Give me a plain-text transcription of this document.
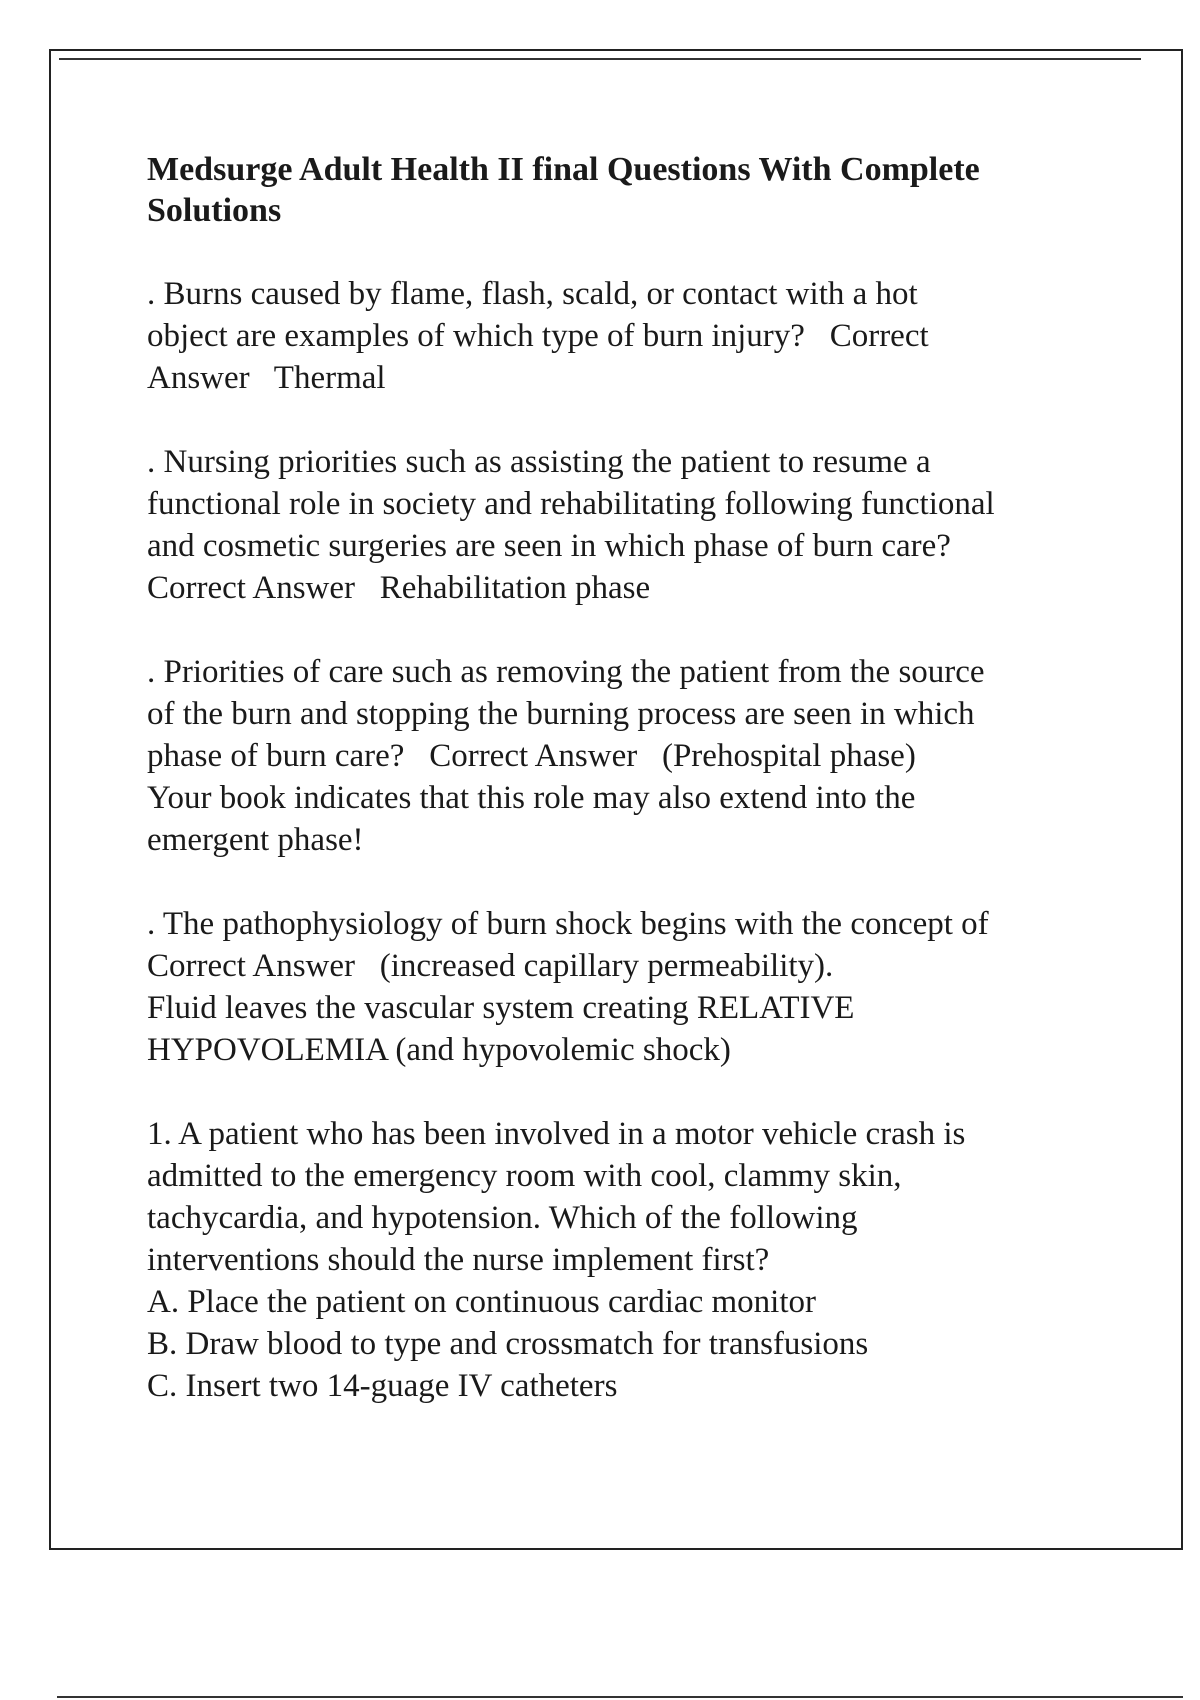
Medsurge Adult Health II final Questions With Complete
Solutions
. Burns caused by flame, flash, scald, or contact with a hot
object are examples of which type of burn injury?   Correct
Answer   Thermal
. Nursing priorities such as assisting the patient to resume a
functional role in society and rehabilitating following functional
and cosmetic surgeries are seen in which phase of burn care?
Correct Answer   Rehabilitation phase
. Priorities of care such as removing the patient from the source
of the burn and stopping the burning process are seen in which
phase of burn care?   Correct Answer   (Prehospital phase)
Your book indicates that this role may also extend into the
emergent phase!
. The pathophysiology of burn shock begins with the concept of
Correct Answer   (increased capillary permeability).
Fluid leaves the vascular system creating RELATIVE
HYPOVOLEMIA (and hypovolemic shock)
1. A patient who has been involved in a motor vehicle crash is
admitted to the emergency room with cool, clammy skin,
tachycardia, and hypotension. Which of the following
interventions should the nurse implement first?
A. Place the patient on continuous cardiac monitor
B. Draw blood to type and crossmatch for transfusions
C. Insert two 14-guage IV catheters
